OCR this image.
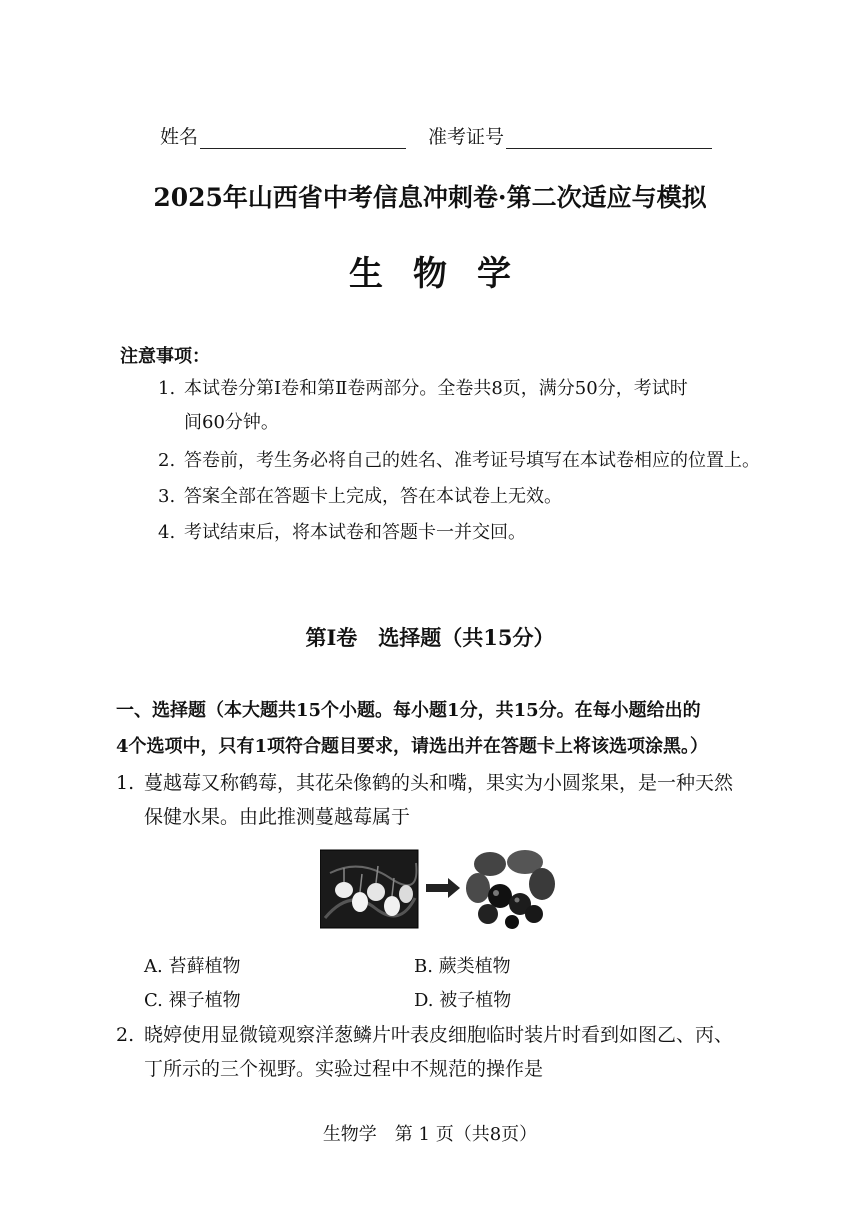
姓名	准考证号
2025年山西省中考信息冲刺卷·第二次适应与模拟
生物学
注意事项：
1. 本试卷分第Ⅰ卷和第Ⅱ卷两部分。全卷共8页，满分50分，考试时
间60分钟。
2. 答卷前，考生务必将自己的姓名、准考证号填写在本试卷相应的位置上。
3. 答案全部在答题卡上完成，答在本试卷上无效。
4. 考试结束后，将本试卷和答题卡一并交回。
第Ⅰ卷　选择题（共15分）
一、选择题（本大题共15个小题。每小题1分，共15分。在每小题给出的
4个选项中，只有1项符合题目要求，请选出并在答题卡上将该选项涂黑。）
1. 蔓越莓又称鹤莓，其花朵像鹤的头和嘴，果实为小圆浆果，是一种天然
保健水果。由此推测蔓越莓属于
A. 苔藓植物	B. 蕨类植物
C. 裸子植物	D. 被子植物
2. 晓婷使用显微镜观察洋葱鳞片叶表皮细胞临时装片时看到如图乙、丙、
丁所示的三个视野。实验过程中不规范的操作是
生物学　第 1 页（共8页）
